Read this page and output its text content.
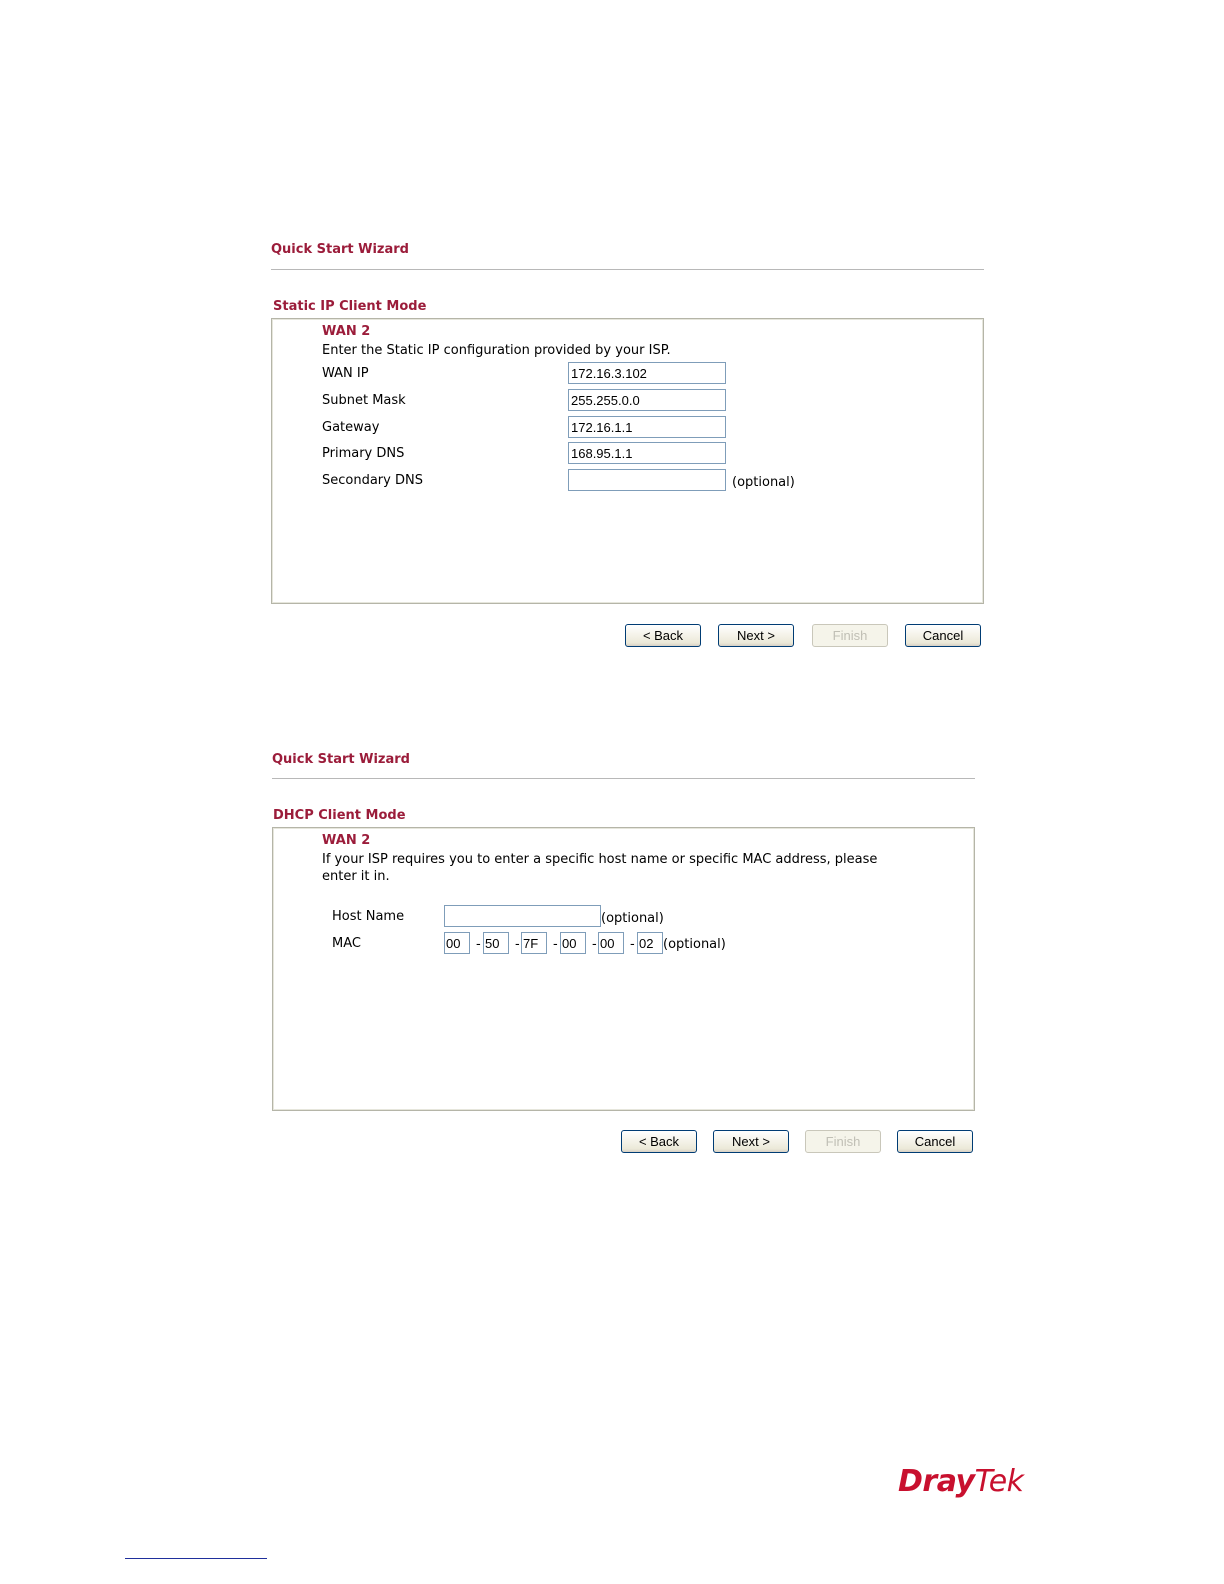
Quick Start Wizard
Static IP Client Mode
WAN 2
Enter the Static IP configuration provided by your ISP.
WAN IP
172.16.3.102
Subnet Mask
255.255.0.0
Gateway
172.16.1.1
Primary DNS
168.95.1.1
Secondary DNS	(optional)
< Back	Next >	Finish	Cancel
Quick Start Wizard
DHCP Client Mode
WAN 2
If your ISP requires you to enter a specific host name or specific MAC address, please
enter it in.
Host Name	(optional)
MAC
00	-
50	-
7F	-
00	-
00	-
02 (optional)
< Back	Next >	Finish	Cancel
DrayTek
